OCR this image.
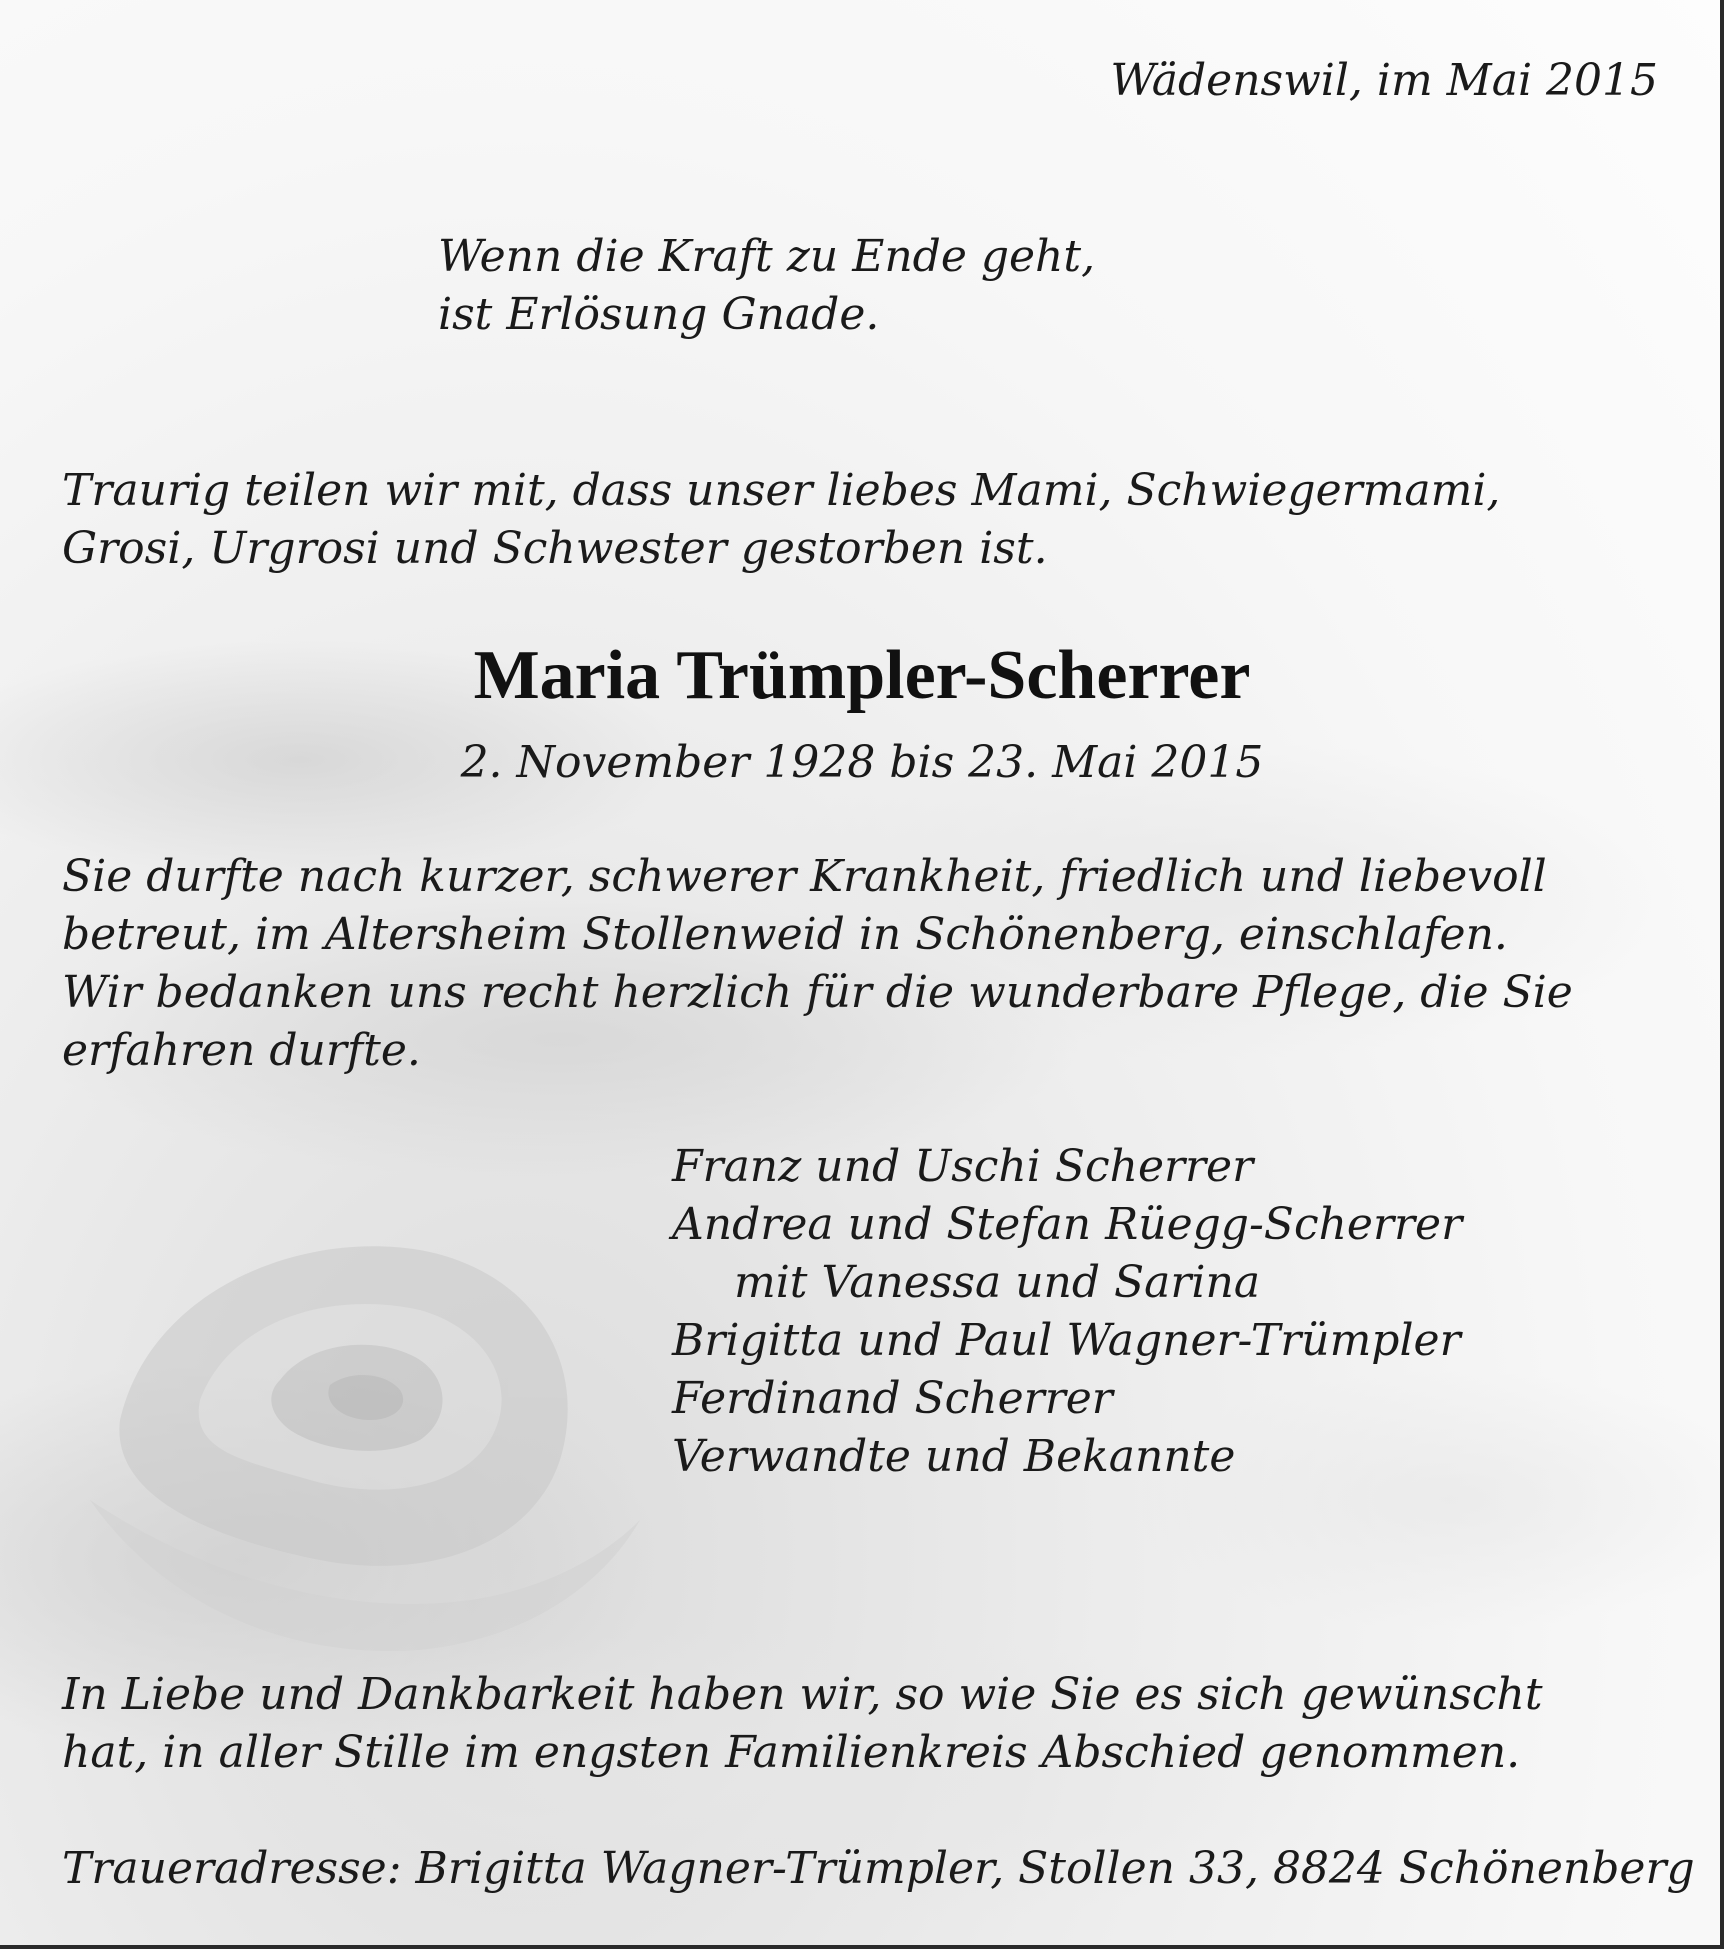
Wädenswil, im Mai 2015

Wenn die Kraft zu Ende geht,
ist Erlösung Gnade.
Traurig teilen wir mit, dass unser liebes Mami, Schwiegermami,
Grosi, Urgrosi und Schwester gestorben ist.
Maria Trümpler-Scherrer

2. November 1928 bis 23. Mai 2015

Sie durfte nach kurzer, schwerer Krankheit, friedlich und liebevoll
betreut, im Altersheim Stollenweid in Schönenberg, einschlafen.
Wir bedanken uns recht herzlich für die wunderbare Pflege, die Sie
erfahren durfte.
Franz und Uschi Scherrer
Andrea und Stefan Rüegg-Scherrer
mit Vanessa und Sarina
Brigitta und Paul Wagner-Trümpler
Ferdinand Scherrer
Verwandte und Bekannte
In Liebe und Dankbarkeit haben wir, so wie Sie es sich gewünscht
hat, in aller Stille im engsten Familienkreis Abschied genommen.

Traueradresse: Brigitta Wagner-Trümpler, Stollen 33, 8824 Schönenberg
